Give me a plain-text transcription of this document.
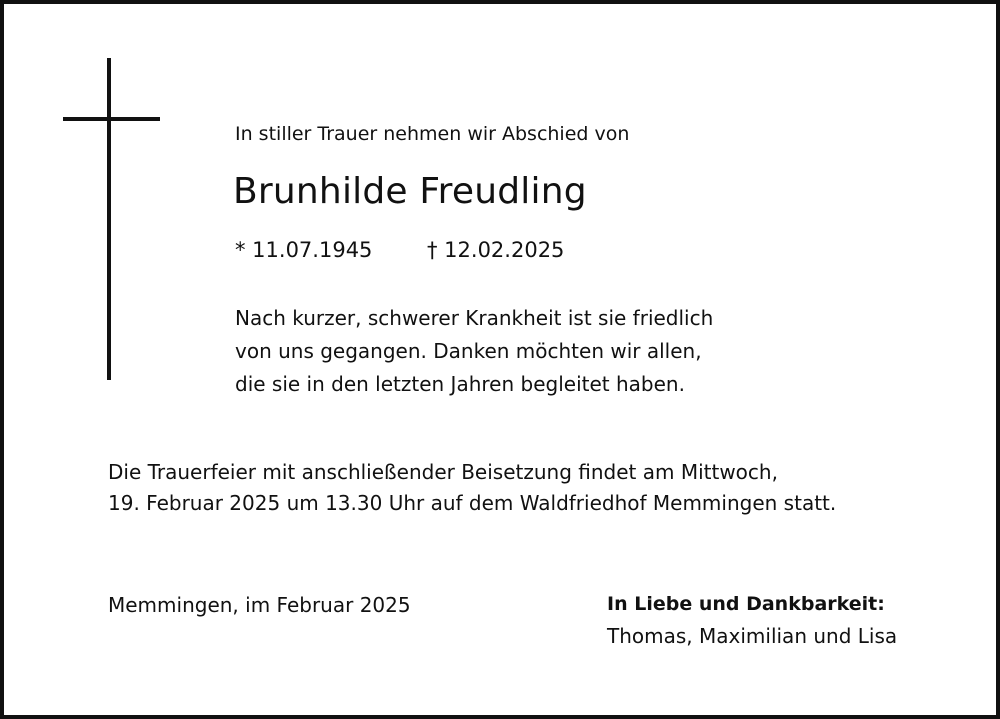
In stiller Trauer nehmen wir Abschied von
Brunhilde Freudling
* 11.07.1945	† 12.02.2025
Nach kurzer, schwerer Krankheit ist sie friedlich
von uns gegangen. Danken möchten wir allen,
die sie in den letzten Jahren begleitet haben.
Die Trauerfeier mit anschließender Beisetzung findet am Mittwoch,
19. Februar 2025 um 13.30 Uhr auf dem Waldfriedhof Memmingen statt.
Memmingen, im Februar 2025	In Liebe und Dankbarkeit:
Thomas, Maximilian und Lisa
